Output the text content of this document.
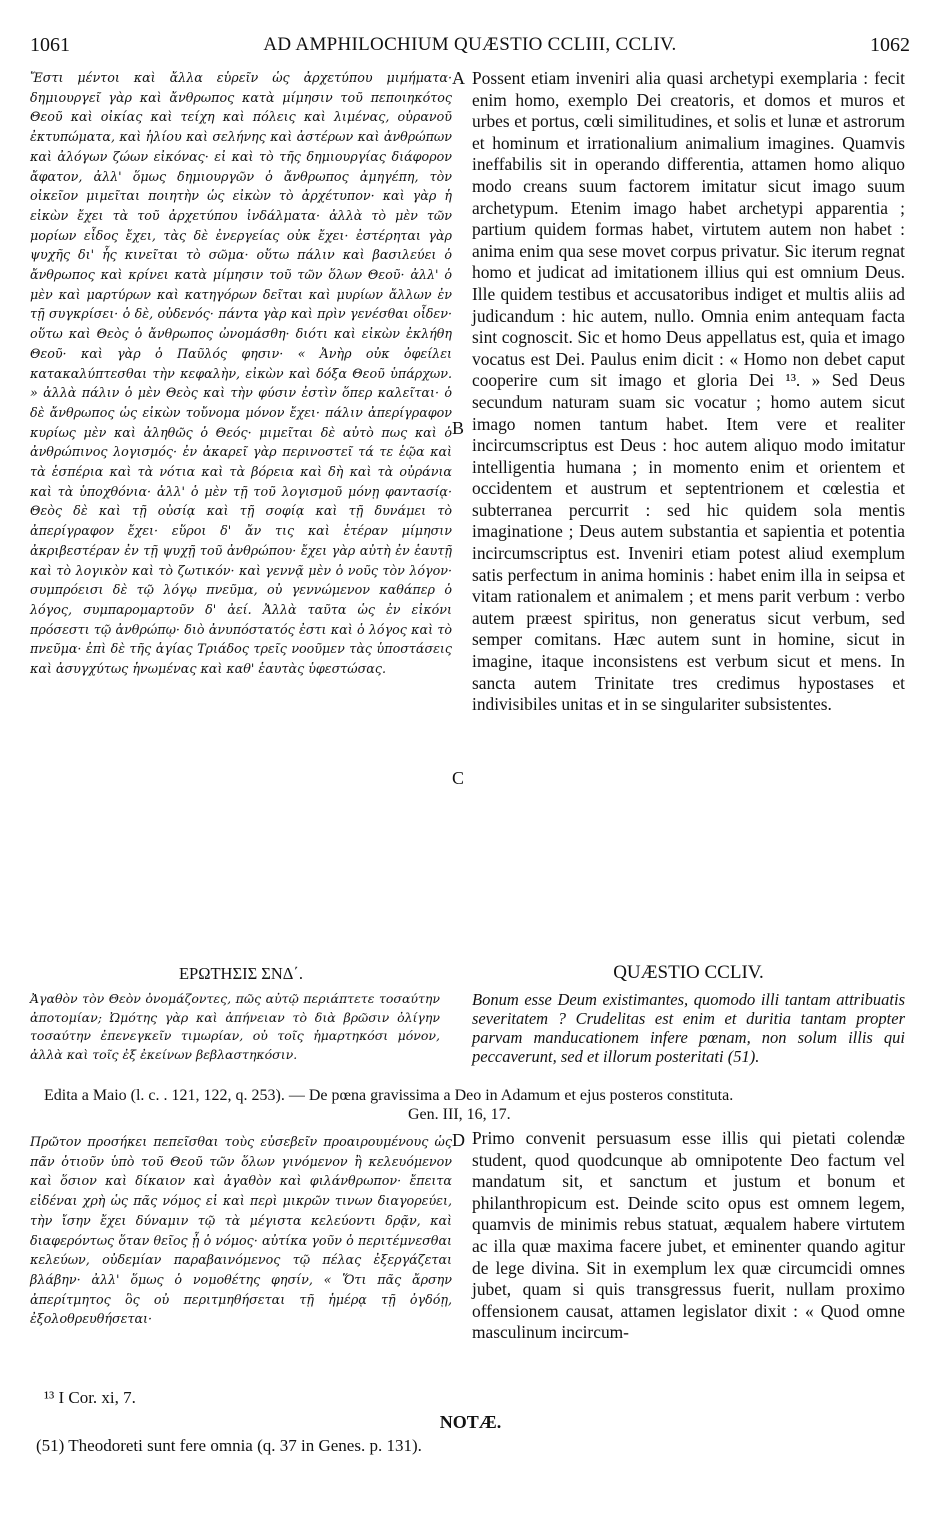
1061	AD AMPHILOCHIUM QUÆSTIO CCLIII, CCLIV.	1062

Ἔστι μέντοι καὶ ἄλλα εὑρεῖν ὡς ἀρχετύπου μιμήματα· δημιουργεῖ γὰρ καὶ ἄνθρωπος κατὰ μίμησιν τοῦ πεποιηκότος Θεοῦ καὶ οἰκίας καὶ τείχη καὶ πόλεις καὶ λιμένας, οὐρανοῦ ἐκτυπώματα, καὶ ἡλίου καὶ σελήνης καὶ ἀστέρων καὶ ἀνθρώπων καὶ ἀλόγων ζώων εἰκόνας· εἰ καὶ τὸ τῆς δημιουργίας διάφορον ἄφατον, ἀλλ' ὅμως δημιουργῶν ὁ ἄνθρωπος ἀμηγέπη, τὸν οἰκεῖον μιμεῖται ποιητὴν ὡς εἰκὼν τὸ ἀρχέτυπον· καὶ γὰρ ἡ εἰκὼν ἔχει τὰ τοῦ ἀρχετύπου ἰνδάλματα· ἀλλὰ τὸ μὲν τῶν μορίων εἶδος ἔχει, τὰς δὲ ἐνεργείας οὐκ ἔχει· ἐστέρηται γὰρ ψυχῆς δι' ἧς κινεῖται τὸ σῶμα· οὕτω πάλιν καὶ βασιλεύει ὁ ἄνθρωπος καὶ κρίνει κατὰ μίμησιν τοῦ τῶν ὅλων Θεοῦ· ἀλλ' ὁ μὲν καὶ μαρτύρων καὶ κατηγόρων δεῖται καὶ μυρίων ἄλλων ἐν τῇ συγκρίσει· ὁ δὲ, οὐδενός· πάντα γὰρ καὶ πρὶν γενέσθαι οἶδεν· οὕτω καὶ Θεὸς ὁ ἄνθρωπος ὠνομάσθη· διότι καὶ εἰκὼν ἐκλήθη Θεοῦ· καὶ γὰρ ὁ Παῦλός φησιν· « Ἀνὴρ οὐκ ὀφείλει κατακαλύπτεσθαι τὴν κεφαλὴν, εἰκὼν καὶ δόξα Θεοῦ ὑπάρχων. » ἀλλὰ πάλιν ὁ μὲν Θεὸς καὶ τὴν φύσιν ἐστὶν ὅπερ καλεῖται· ὁ δὲ ἄνθρωπος ὡς εἰκὼν τοὔνομα μόνον ἔχει· πάλιν ἀπερίγραφον κυρίως μὲν καὶ ἀληθῶς ὁ Θεός· μιμεῖται δὲ αὐτὸ πως καὶ ὁ ἀνθρώπινος λογισμός· ἐν ἀκαρεῖ γὰρ περινοστεῖ τά τε ἑῷα καὶ τὰ ἑσπέρια καὶ τὰ νότια καὶ τὰ βόρεια καὶ δὴ καὶ τὰ οὐράνια καὶ τὰ ὑποχθόνια· ἀλλ' ὁ μὲν τῇ τοῦ λογισμοῦ μόνῃ φαντασίᾳ· Θεὸς δὲ καὶ τῇ οὐσίᾳ καὶ τῇ σοφίᾳ καὶ τῇ δυνάμει τὸ ἀπερίγραφον ἔχει· εὕροι δ' ἄν τις καὶ ἑτέραν μίμησιν ἀκριβεστέραν ἐν τῇ ψυχῇ τοῦ ἀνθρώπου· ἔχει γὰρ αὐτὴ ἐν ἑαυτῇ καὶ τὸ λογικὸν καὶ τὸ ζωτικόν· καὶ γεννᾷ μὲν ὁ νοῦς τὸν λόγον· συμπρόεισι δὲ τῷ λόγῳ πνεῦμα, οὐ γεννώμενον καθάπερ ὁ λόγος, συμπαρομαρτοῦν δ' ἀεί. Ἀλλὰ ταῦτα ὡς ἐν εἰκόνι πρόσεστι τῷ ἀνθρώπῳ· διὸ ἀνυπόστατός ἐστι καὶ ὁ λόγος καὶ τὸ πνεῦμα· ἐπὶ δὲ τῆς ἁγίας Τριάδος τρεῖς νοοῦμεν τὰς ὑποστάσεις καὶ ἀσυγχύτως ἡνωμένας καὶ καθ' ἑαυτὰς ὑφεστώσας.

Possent etiam inveniri alia quasi archetypi exemplaria : fecit enim homo, exemplo Dei creatoris, et domos et muros et urbes et portus, cœli similitudines, et solis et lunæ et astrorum et hominum et irrationalium animalium imagines. Quamvis ineffabilis sit in operando differentia, attamen homo aliquo modo creans suum factorem imitatur sicut imago suum archetypum. Etenim imago habet archetypi apparentia ; partium quidem formas habet, virtutem autem non habet : anima enim qua sese movet corpus privatur. Sic iterum regnat homo et judicat ad imitationem illius qui est omnium Deus. Ille quidem testibus et accusatoribus indiget et multis aliis ad judicandum : hic autem, nullo. Omnia enim antequam facta sint cognoscit. Sic et homo Deus appellatus est, quia et imago vocatus est Dei. Paulus enim dicit : « Homo non debet caput cooperire cum sit imago et gloria Dei ¹³. » Sed Deus secundum naturam suam sic vocatur ; homo autem sicut imago nomen tantum habet. Item vere et realiter incircumscriptus est Deus : hoc autem aliquo modo imitatur intelligentia humana ; in momento enim et orientem et occidentem et austrum et septentrionem et cœlestia et subterranea percurrit : sed hic quidem sola mentis imaginatione ; Deus autem substantia et sapientia et potentia incircumscriptus est. Inveniri etiam potest aliud exemplum satis perfectum in anima hominis : habet enim illa in seipsa et vitam rationalem et animalem ; et mens parit verbum : verbo autem præest spiritus, non generatus sicut verbum, sed semper comitans. Hæc autem sunt in homine, sicut in imagine, itaque inconsistens est verbum sicut et mens. In sancta autem Trinitate tres credimus hypostases et indivisibiles unitas et in se singulariter subsistentes.

A
B
C
ΕΡΩΤΗΣΙΣ ΣΝΔ΄.	QUÆSTIO CCLIV.

Ἀγαθὸν τὸν Θεὸν ὀνομάζοντες, πῶς αὐτῷ περιάπτετε τοσαύτην ἀποτομίαν; Ὠμότης γὰρ καὶ ἀπήνειαν τὸ διὰ βρῶσιν ὀλίγην τοσαύτην ἐπενεγκεῖν τιμωρίαν, οὐ τοῖς ἡμαρτηκόσι μόνον, ἀλλὰ καὶ τοῖς ἐξ ἐκείνων βεβλαστηκόσιν.

Bonum esse Deum existimantes, quomodo illi tantam attribuatis severitatem ? Crudelitas est enim et duritia tantam propter parvam manducationem infere pœnam, non solum illis qui peccaverunt, sed et illorum posteritati (51).

Edita a Maio (l. c. . 121, 122, q. 253). — De pœna gravissima a Deo in Adamum et ejus posteros constituta.
Gen. III, 16, 17.
D

Πρῶτον προσήκει πεπεῖσθαι τοὺς εὐσεβεῖν προαιρουμένους ὡς πᾶν ὁτιοῦν ὑπὸ τοῦ Θεοῦ τῶν ὅλων γινόμενον ἢ κελευόμενον καὶ ὅσιον καὶ δίκαιον καὶ ἀγαθὸν καὶ φιλάνθρωπον· ἔπειτα εἰδέναι χρὴ ὡς πᾶς νόμος εἰ καὶ περὶ μικρῶν τινων διαγορεύει, τὴν ἴσην ἔχει δύναμιν τῷ τὰ μέγιστα κελεύοντι δρᾷν, καὶ διαφερόντως ὅταν θεῖος ᾖ ὁ νόμος· αὐτίκα γοῦν ὁ περιτέμνεσθαι κελεύων, οὐδεμίαν παραβαινόμενος τῷ πέλας ἐξεργάζεται βλάβην· ἀλλ' ὅμως ὁ νομοθέτης φησίν, « Ὅτι πᾶς ἄρσην ἀπερίτμητος ὃς οὐ περιτμηθήσεται τῇ ἡμέρᾳ τῇ ὀγδόῃ, ἐξολοθρευθήσεται·

Primo convenit persuasum esse illis qui pietati colendæ student, quod quodcunque ab omnipotente Deo factum vel mandatum sit, et sanctum et justum et bonum et philanthropicum est. Deinde scito opus est omnem legem, quamvis de minimis rebus statuat, æqualem habere virtutem ac illa quæ maxima facere jubet, et eminenter quando agitur de lege divina. Sit in exemplum lex quæ circumcidi omnes jubet, quam si quis transgressus fuerit, nullam proximo offensionem causat, attamen legislator dixit : « Quod omne masculinum incircum-

¹³ I Cor. xi, 7.
NOTÆ.
(51) Theodoreti sunt fere omnia (q. 37 in Genes. p. 131).
